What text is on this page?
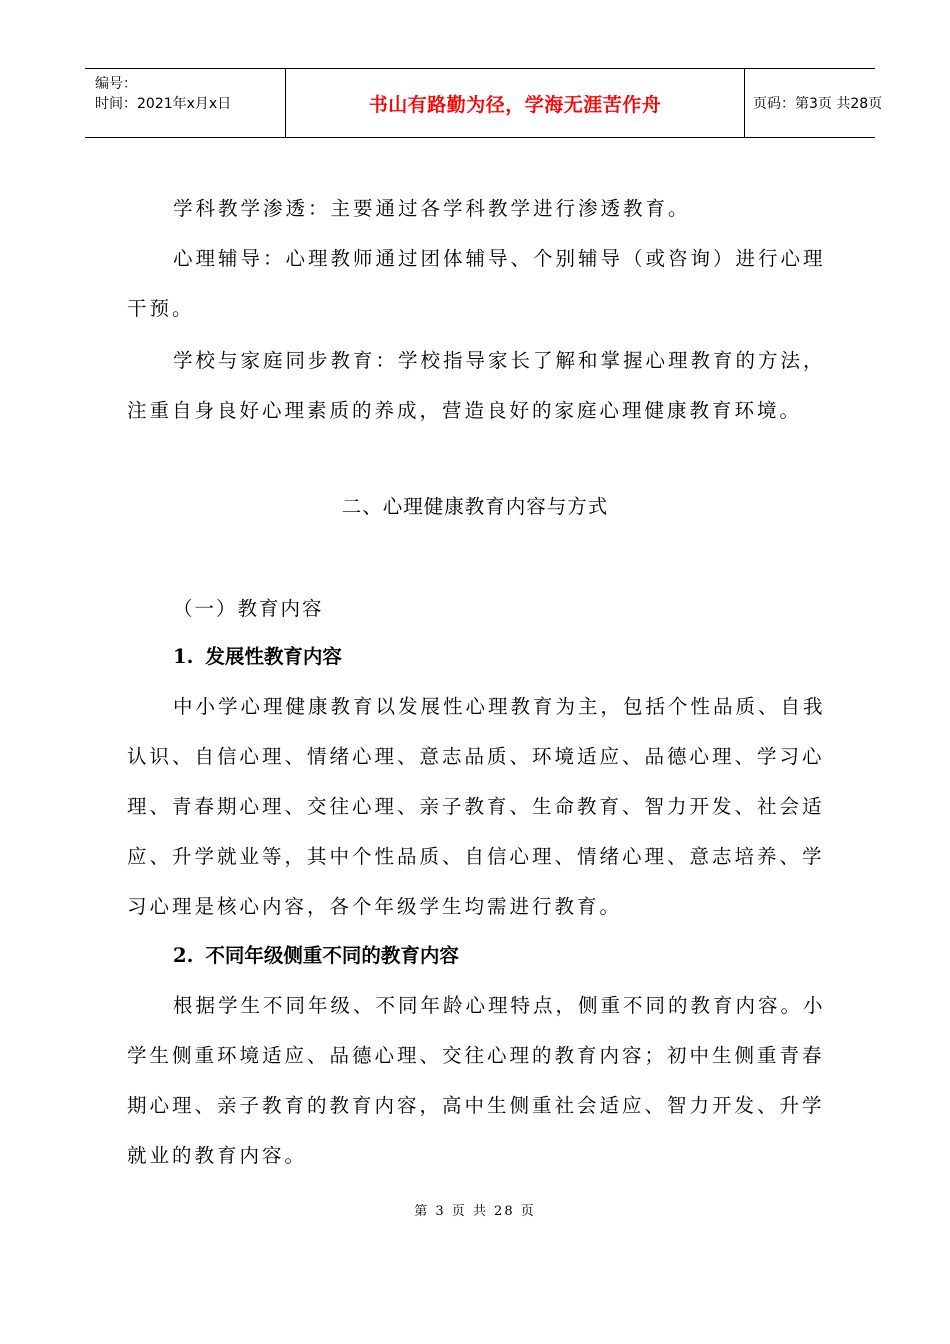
编号：
时间：2021年x月x日	书山有路勤为径，学海无涯苦作舟	页码：第3页 共28页
学科教学渗透：主要通过各学科教学进行渗透教育。
心理辅导：心理教师通过团体辅导、个别辅导（或咨询）进行心理
干预。
学校与家庭同步教育：学校指导家长了解和掌握心理教育的方法，
注重自身良好心理素质的养成，营造良好的家庭心理健康教育环境。
二、心理健康教育内容与方式
（一）教育内容
1. 发展性教育内容
中小学心理健康教育以发展性心理教育为主，包括个性品质、自我
认识、自信心理、情绪心理、意志品质、环境适应、品德心理、学习心
理、青春期心理、交往心理、亲子教育、生命教育、智力开发、社会适
应、升学就业等，其中个性品质、自信心理、情绪心理、意志培养、学
习心理是核心内容，各个年级学生均需进行教育。
2. 不同年级侧重不同的教育内容
根据学生不同年级、不同年龄心理特点，侧重不同的教育内容。小
学生侧重环境适应、品德心理、交往心理的教育内容；初中生侧重青春
期心理、亲子教育的教育内容，高中生侧重社会适应、智力开发、升学
就业的教育内容。
第 3 页 共 28 页
